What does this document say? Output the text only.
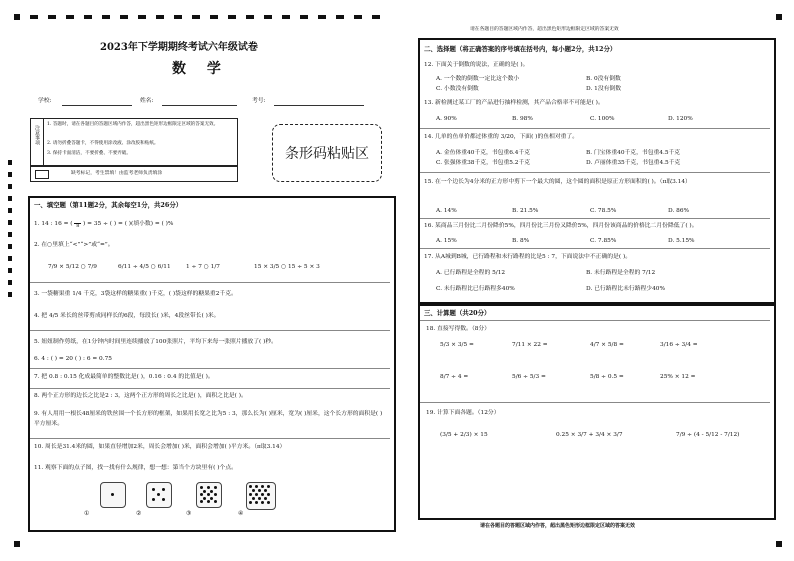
2023年下学期期终考试六年级试卷
数 学
学校:	姓名:	考号:
注意事项
1. 答题时，请在各题目的答题区域内作答，超出黑色矩形边框限定区域的答案无效。
2. 请勿折叠答题卡，不得使用涂改液、涂改胶和贴纸。
3. 保持卡面清洁，不要折叠、不要弄破。
缺考标记，考生禁填！由监考老师负责填涂
条形码粘贴区
一、填空题（第11题2分，其余每空1分，共26分）
1. 14 : 16 = (
8 ) = 35 ÷ ( ) = ( )(填小数) = ( )%
2. 在○里填上“<”“>”或“=”。
7/9 × 5/12 ○ 7/9	6/11 ÷ 4/5 ○ 6/11	1 ÷ 7 ○ 1/7	15 × 3/5 ○ 15 ÷ 5 × 3
3. 一袋糖果重 1/4 千克，3袋这样的糖果重( )千克，( )袋这样的糖果重2千克。
4. 把 4/5 米长的丝带剪成同样长的6段，每段长( )米，4段丝带长( )米。
5. 妞妞制作剪纸，在1分钟内时间里连续播放了100张照片，平均下来每一张照片播放了( )秒。
6. 4 : ( ) = 20 ( ) : 6 = 0.75
7. 把 0.8 : 0.15 化成最简单的整数比是( )，0.16 : 0.4 的比值是( )。
8. 两个正方形的边长之比是2 : 3，这两个正方形的周长之比是( )，面积之比是( )。
9. 有人用用一根长48厘米的铁丝围一个长方形的框架，如果用长宽之比为5 : 3，那么长为( )厘米，宽为( )厘米，这个长方形的面积是( )平方厘米。
10. 周长是31.4米的圆，如果直径增加2米，周长会增加( )米，面积会增加( )平方米。（π取3.14）
11. 观察下面的点子图，找一找有什么规律，想一想：第当个方块里有( )个点。
①	②	③	④
请在各题目的答题区域内作答，超出黑色矩形边框限定区域的答案无效
二、选择题（将正确答案的序号填在括号内，每小题2分，共12分）
12. 下面关于倒数的说法，正确的是( )。
A. 一个数的倒数一定比这个数小	B. 0没有倒数
C. 小数没有倒数	D. 1没有倒数
13. 新检测过某工厂的产品进行抽样检测，其产品合格率不可能是( )。
A. 90%	B. 98%	C. 100%	D. 120%
14. 几单的鱼单价都过体重的 3/20，下面( )的鱼相对重了。
A. 金鱼体重40千克，书包重6.4千克	B. 门宝体重40千克，书包重4.5千克
C. 张强体重38千克，书包重5.2千克	D. 卢丽体重35千克，书包重4.5千克
15. 在一个边长为4分米的正方形中剪下一个最大的圆，这个圆的面积是原正方形面积的( )。（π取3.14）
A. 14%	B. 21.5%	C. 78.5%	D. 86%
16. 某商品三月份比二月份降价5%，四月份比三月份又降价5%，四月份该商品的价格比二月份降低了( )。
A. 15%	B. 8%	C. 7.85%	D. 5.15%
17. 从A城到B城，已行路程和未行路程的比是5 : 7，下面说法中不正确的是( )。
A. 已行路程是全程的 5/12	B. 未行路程是全程的 7/12
C. 未行路程比已行路程多40%	D. 已行路程比未行路程少40%
三、计算题（共20分）
18. 直接写得数。（8分）
5/3 × 3/5 =	7/11 × 22 =	4/7 × 5/8 =	3/16 ÷ 3/4 =
8/7 ÷ 4 =	5/6 ÷ 5/3 =	5/8 ÷ 0.5 =	25% × 12 =
19. 计算下面各题。（12分）
(3/5 + 2/3) × 15	0.25 × 3/7 + 3/4 × 3/7	7/9 ÷ (4 - 5/12 - 7/12)
请在各题目的答题区域内作答，超出黑色矩形边框限定区域的答案无效
